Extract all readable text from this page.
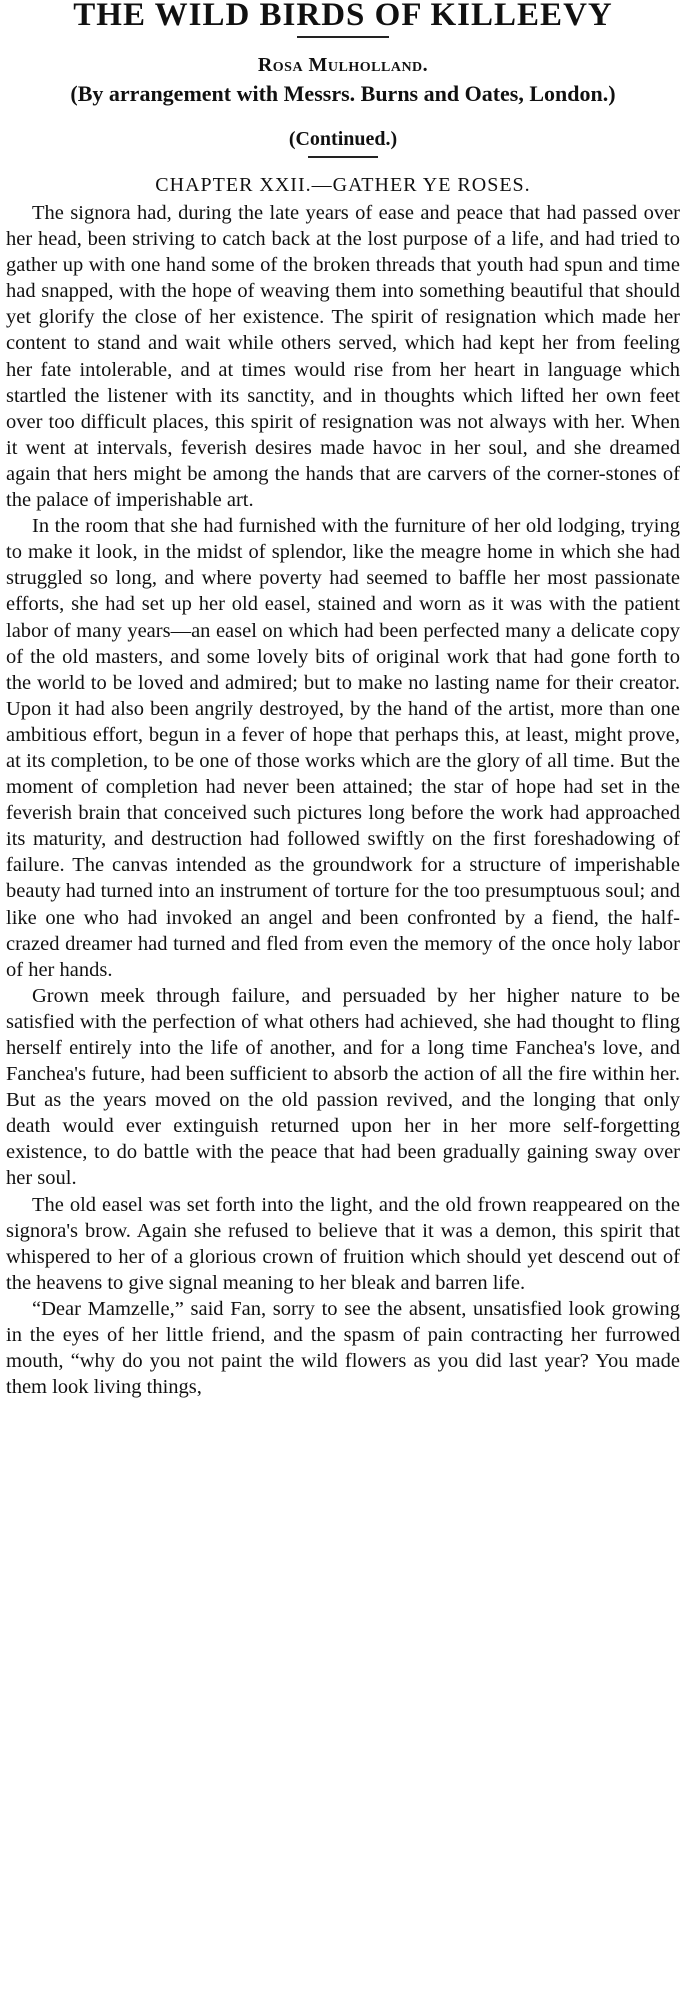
THE WILD BIRDS OF KILLEEVY
Rosa Mulholland.
(By arrangement with Messrs. Burns and Oates, London.)
(Continued.)
CHAPTER XXII.—GATHER YE ROSES.

The signora had, during the late years of ease and peace that had passed over her head, been striving to catch back at the lost purpose of a life, and had tried to gather up with one hand some of the broken threads that youth had spun and time had snapped, with the hope of weaving them into something beautiful that should yet glorify the close of her existence. The spirit of resignation which made her content to stand and wait while others served, which had kept her from feeling her fate intolerable, and at times would rise from her heart in language which startled the listener with its sanctity, and in thoughts which lifted her own feet over too difficult places, this spirit of resignation was not always with her. When it went at intervals, feverish desires made havoc in her soul, and she dreamed again that hers might be among the hands that are carvers of the corner-stones of the palace of imperishable art.

In the room that she had furnished with the furniture of her old lodging, trying to make it look, in the midst of splendor, like the meagre home in which she had struggled so long, and where poverty had seemed to baffle her most passionate efforts, she had set up her old easel, stained and worn as it was with the patient labor of many years—an easel on which had been perfected many a delicate copy of the old masters, and some lovely bits of original work that had gone forth to the world to be loved and admired; but to make no lasting name for their creator. Upon it had also been angrily destroyed, by the hand of the artist, more than one ambitious effort, begun in a fever of hope that perhaps this, at least, might prove, at its completion, to be one of those works which are the glory of all time. But the moment of completion had never been attained; the star of hope had set in the feverish brain that conceived such pictures long before the work had approached its maturity, and destruction had followed swiftly on the first foreshadowing of failure. The canvas intended as the groundwork for a structure of imperishable beauty had turned into an instrument of torture for the too presumptuous soul; and like one who had invoked an angel and been confronted by a fiend, the half-crazed dreamer had turned and fled from even the memory of the once holy labor of her hands.

Grown meek through failure, and persuaded by her higher nature to be satisfied with the perfection of what others had achieved, she had thought to fling herself entirely into the life of another, and for a long time Fanchea's love, and Fanchea's future, had been sufficient to absorb the action of all the fire within her. But as the years moved on the old passion revived, and the longing that only death would ever extinguish returned upon her in her more self-forgetting existence, to do battle with the peace that had been gradually gaining sway over her soul.

The old easel was set forth into the light, and the old frown reappeared on the signora's brow. Again she refused to believe that it was a demon, this spirit that whispered to her of a glorious crown of fruition which should yet descend out of the heavens to give signal meaning to her bleak and barren life.

“Dear Mamzelle,” said Fan, sorry to see the absent, unsatisfied look growing in the eyes of her little friend, and the spasm of pain contracting her furrowed mouth, “why do you not paint the wild flowers as you did last year? You made them look living things,
